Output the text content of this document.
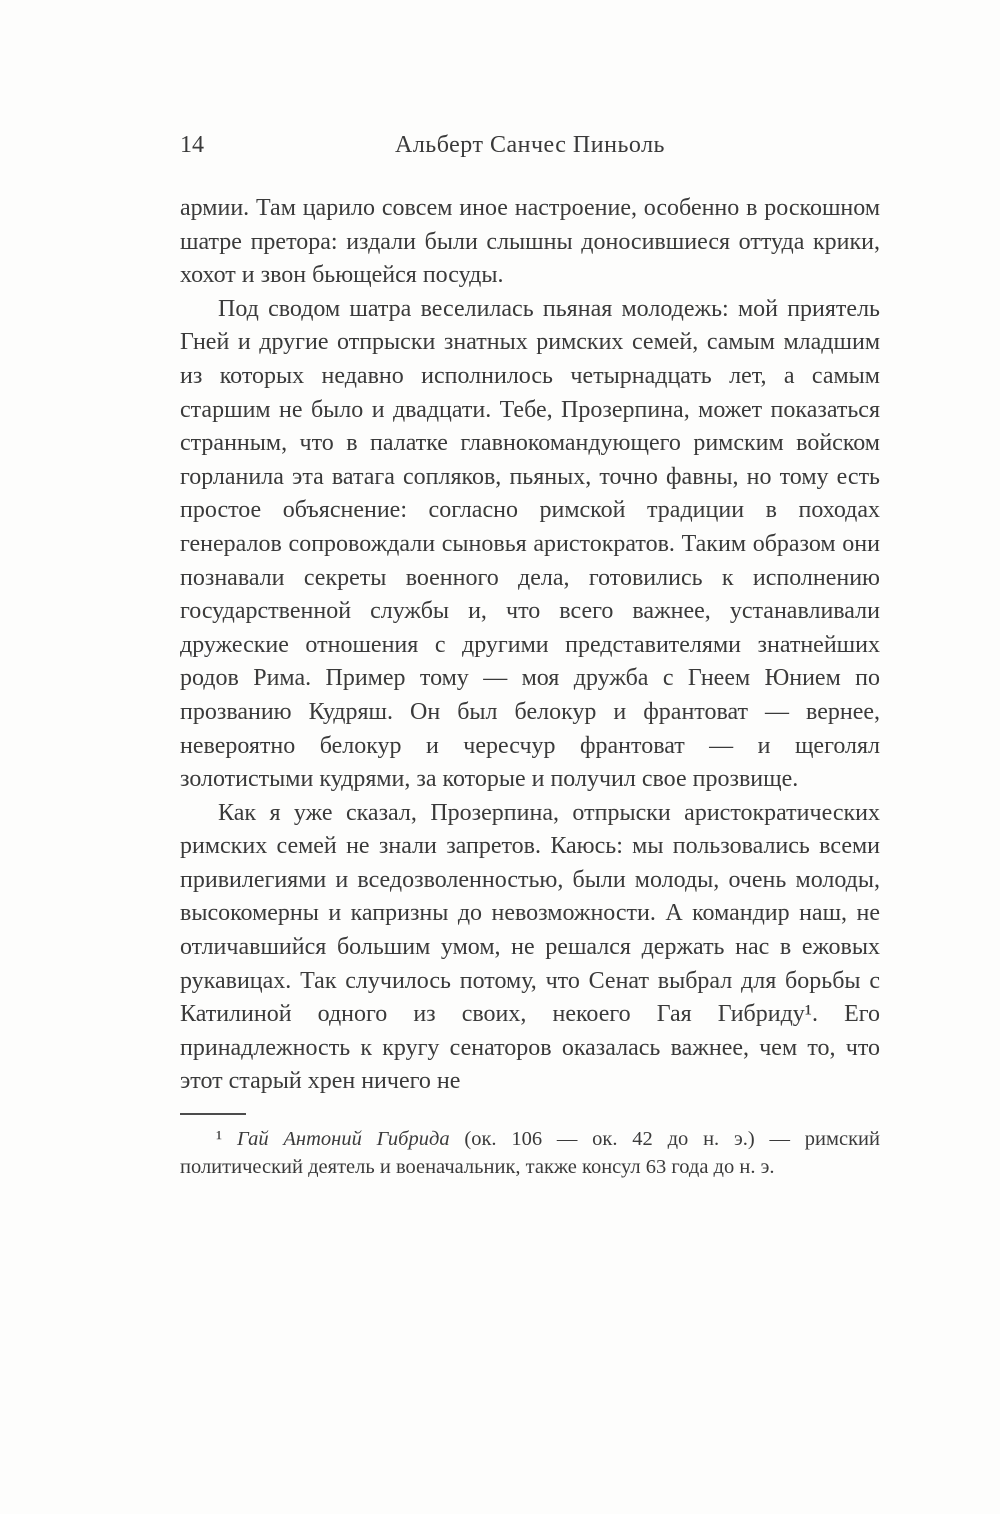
14	Альберт Санчес Пиньоль

армии. Там царило совсем иное настроение, особенно в роскошном шатре претора: издали были слышны доносившиеся оттуда крики, хохот и звон бьющейся посуды.

Под сводом шатра веселилась пьяная молодежь: мой приятель Гней и другие отпрыски знатных римских семей, самым младшим из которых недавно исполнилось четырнадцать лет, а самым старшим не было и двадцати. Тебе, Прозерпина, может показаться странным, что в палатке главнокомандующего римским войском горланила эта ватага сопляков, пьяных, точно фавны, но тому есть простое объяснение: согласно римской традиции в походах генералов сопровождали сыновья аристократов. Таким образом они познавали секреты военного дела, готовились к исполнению государственной службы и, что всего важнее, устанавливали дружеские отношения с другими представителями знатнейших родов Рима. Пример тому — моя дружба с Гнеем Юнием по прозванию Кудряш. Он был белокур и франтоват — вернее, невероятно белокур и чересчур франтоват — и щеголял золотистыми кудрями, за которые и получил свое прозвище.

Как я уже сказал, Прозерпина, отпрыски аристократических римских семей не знали запретов. Каюсь: мы пользовались всеми привилегиями и вседозволенностью, были молоды, очень молоды, высокомерны и капризны до невозможности. А командир наш, не отличавшийся большим умом, не решался держать нас в ежовых рукавицах. Так случилось потому, что Сенат выбрал для борьбы с Катилиной одного из своих, некоего Гая Гибриду¹. Его принадлежность к кругу сенаторов оказалась важнее, чем то, что этот старый хрен ничего не

¹ Гай Антоний Гибрида (ок. 106 — ок. 42 до н. э.) — римский политический деятель и военачальник, также консул 63 года до н. э.
